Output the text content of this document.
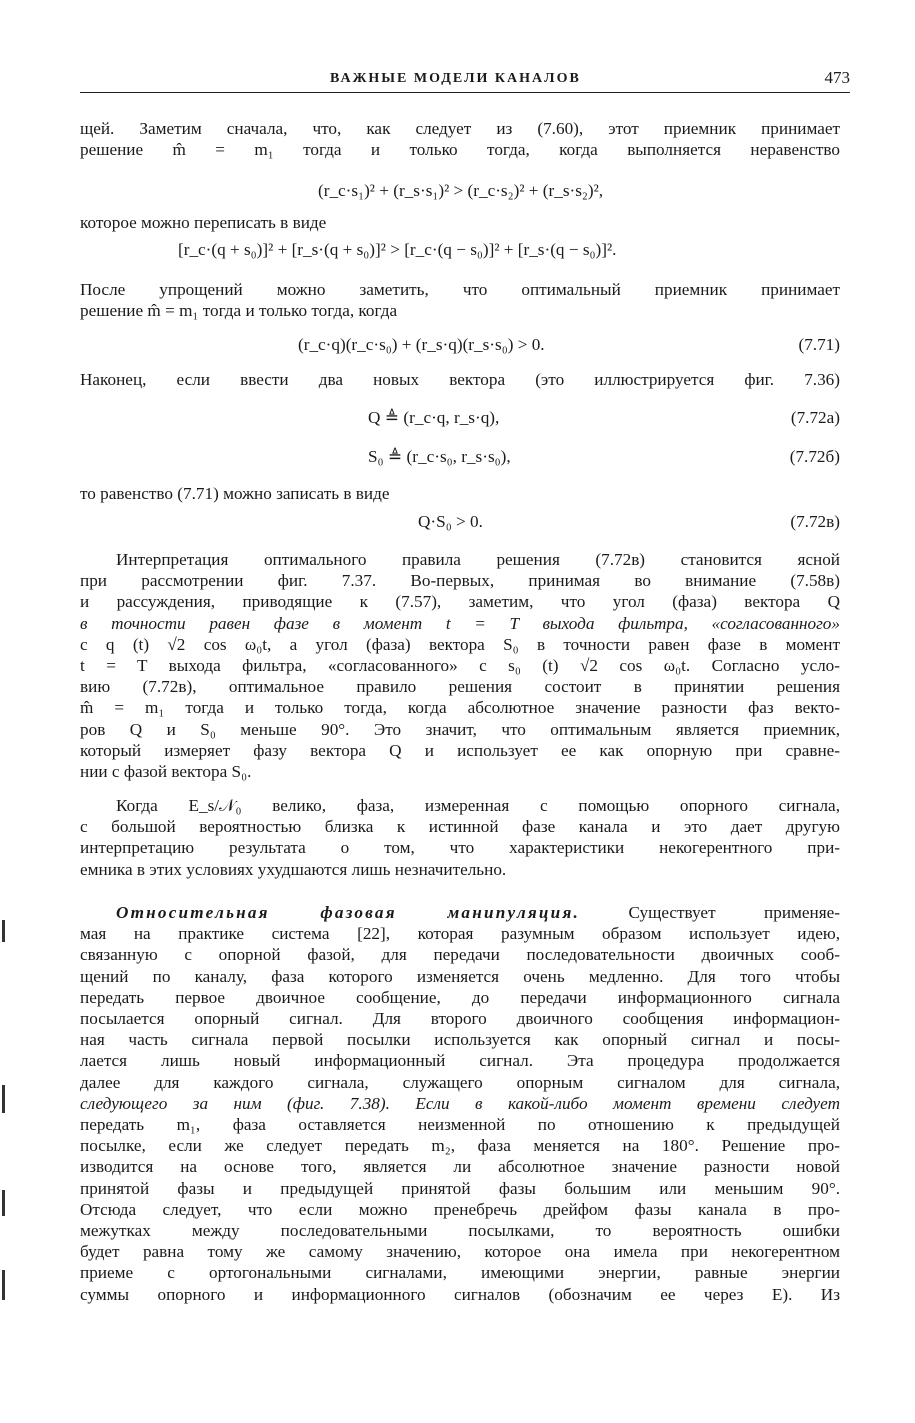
ВАЖНЫЕ МОДЕЛИ КАНАЛОВ	473
щей. Заметим сначала, что, как следует из (7.60), этот приемник принимает
решение m̂ = m₁ тогда и только тогда, когда выполняется неравенство
(r_c·s₁)² + (r_s·s₁)² > (r_c·s₂)² + (r_s·s₂)²,
которое можно переписать в виде
[r_c·(q + s₀)]² + [r_s·(q + s₀)]² > [r_c·(q − s₀)]² + [r_s·(q − s₀)]².
После упрощений можно заметить, что оптимальный приемник принимает
решение m̂ = m₁ тогда и только тогда, когда
(r_c·q)(r_c·s₀) + (r_s·q)(r_s·s₀) > 0.	(7.71)
Наконец, если ввести два новых вектора (это иллюстрируется фиг. 7.36)
Q ≜ (r_c·q, r_s·q),	(7.72а)
S₀ ≜ (r_c·s₀, r_s·s₀),	(7.72б)
то равенство (7.71) можно записать в виде
Q·S₀ > 0.	(7.72в)
Интерпретация оптимального правила решения (7.72в) становится ясной
при рассмотрении фиг. 7.37. Во-первых, принимая во внимание (7.58в)
и рассуждения, приводящие к (7.57), заметим, что угол (фаза) вектора Q
в точности равен фазе в момент t = T выхода фильтра, «согласованного»
с q (t) √2 cos ω₀t, а угол (фаза) вектора S₀ в точности равен фазе в момент
t = T выхода фильтра, «согласованного» с s₀ (t) √2 cos ω₀t. Согласно усло-
вию (7.72в), оптимальное правило решения состоит в принятии решения
m̂ = m₁ тогда и только тогда, когда абсолютное значение разности фаз векто-
ров Q и S₀ меньше 90°. Это значит, что оптимальным является приемник,
который измеряет фазу вектора Q и использует ее как опорную при сравне-
нии с фазой вектора S₀.
Когда E_s/𝒩₀ велико, фаза, измеренная с помощью опорного сигнала,
с большой вероятностью близка к истинной фазе канала и это дает другую
интерпретацию результата о том, что характеристики некогерентного при-
емника в этих условиях ухудшаются лишь незначительно.
Относительная фазовая манипуляция. Существует применяе-
мая на практике система [22], которая разумным образом использует идею,
связанную с опорной фазой, для передачи последовательности двоичных сооб-
щений по каналу, фаза которого изменяется очень медленно. Для того чтобы
передать первое двоичное сообщение, до передачи информационного сигнала
посылается опорный сигнал. Для второго двоичного сообщения информацион-
ная часть сигнала первой посылки используется как опорный сигнал и посы-
лается лишь новый информационный сигнал. Эта процедура продолжается
далее для каждого сигнала, служащего опорным сигналом для сигнала,
следующего за ним (фиг. 7.38). Если в какой-либо момент времени следует
передать m₁, фаза оставляется неизменной по отношению к предыдущей
посылке, если же следует передать m₂, фаза меняется на 180°. Решение про-
изводится на основе того, является ли абсолютное значение разности новой
принятой фазы и предыдущей принятой фазы большим или меньшим 90°.
Отсюда следует, что если можно пренебречь дрейфом фазы канала в про-
межутках между последовательными посылками, то вероятность ошибки
будет равна тому же самому значению, которое она имела при некогерентном
приеме с ортогональными сигналами, имеющими энергии, равные энергии
суммы опорного и информационного сигналов (обозначим ее через E). Из
